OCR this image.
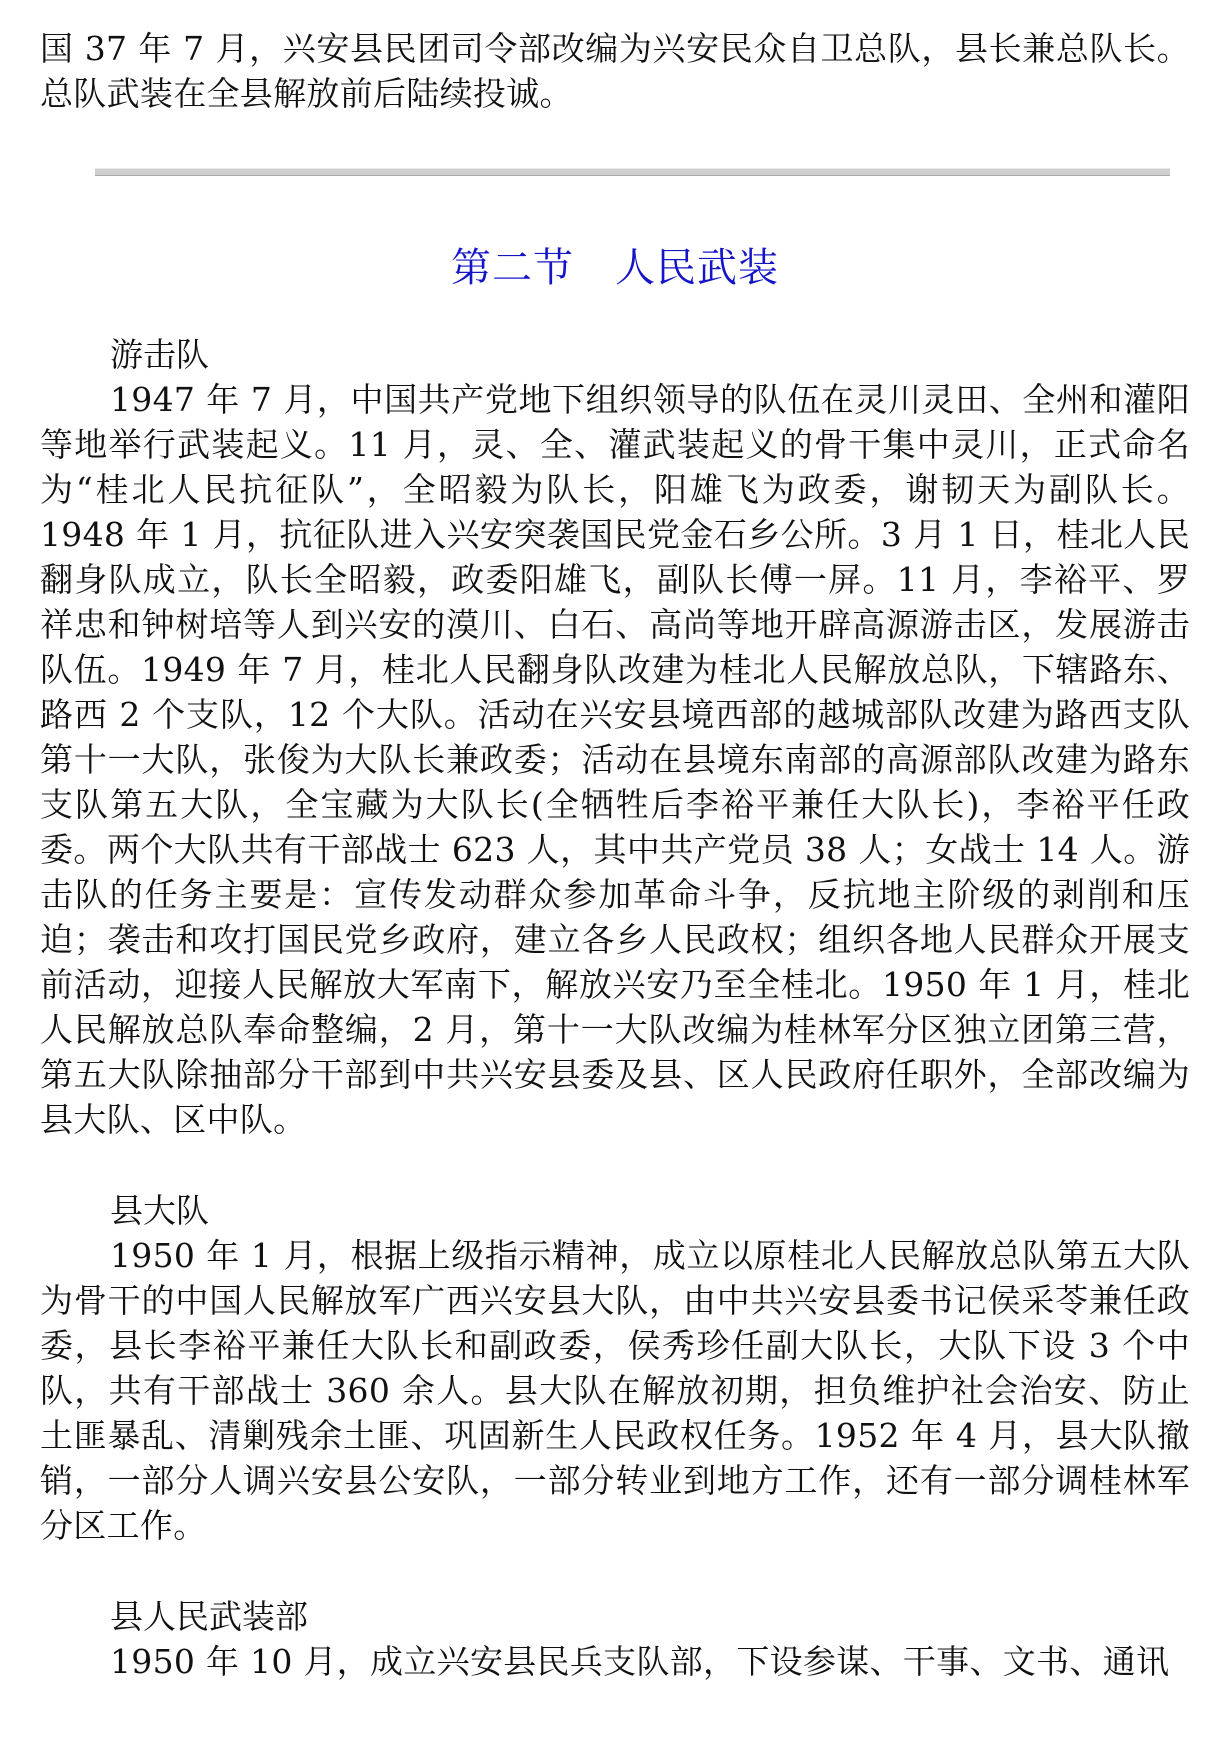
国 37 年 7 月，兴安县民团司令部改编为兴安民众自卫总队，县长兼总队长。总队武装在全县解放前后陆续投诚。

第二节　人民武装
游击队

1947 年 7 月，中国共产党地下组织领导的队伍在灵川灵田、全州和灌阳等地举行武装起义。11 月，灵、全、灌武装起义的骨干集中灵川，正式命名为“桂北人民抗征队”，全昭毅为队长，阳雄飞为政委，谢韧天为副队长。1948 年 1 月，抗征队进入兴安突袭国民党金石乡公所。3 月 1 日，桂北人民翻身队成立，队长全昭毅，政委阳雄飞，副队长傅一屏。11 月，李裕平、罗祥忠和钟树培等人到兴安的漠川、白石、高尚等地开辟高源游击区，发展游击队伍。1949 年 7 月，桂北人民翻身队改建为桂北人民解放总队，下辖路东、路西 2 个支队，12 个大队。活动在兴安县境西部的越城部队改建为路西支队第十一大队，张俊为大队长兼政委；活动在县境东南部的高源部队改建为路东支队第五大队，全宝藏为大队长(全牺牲后李裕平兼任大队长)，李裕平任政委。两个大队共有干部战士 623 人，其中共产党员 38 人；女战士 14 人。游击队的任务主要是：宣传发动群众参加革命斗争，反抗地主阶级的剥削和压迫；袭击和攻打国民党乡政府，建立各乡人民政权；组织各地人民群众开展支前活动，迎接人民解放大军南下，解放兴安乃至全桂北。1950 年 1 月，桂北人民解放总队奉命整编，2 月，第十一大队改编为桂林军分区独立团第三营，第五大队除抽部分干部到中共兴安县委及县、区人民政府任职外，全部改编为县大队、区中队。

县大队

1950 年 1 月，根据上级指示精神，成立以原桂北人民解放总队第五大队为骨干的中国人民解放军广西兴安县大队，由中共兴安县委书记侯采苓兼任政委，县长李裕平兼任大队长和副政委，侯秀珍任副大队长，大队下设 3 个中队，共有干部战士 360 余人。县大队在解放初期，担负维护社会治安、防止土匪暴乱、清剿残余土匪、巩固新生人民政权任务。1952 年 4 月，县大队撤销，一部分人调兴安县公安队，一部分转业到地方工作，还有一部分调桂林军分区工作。

县人民武装部

1950 年 10 月，成立兴安县民兵支队部，下设参谋、干事、文书、通讯
